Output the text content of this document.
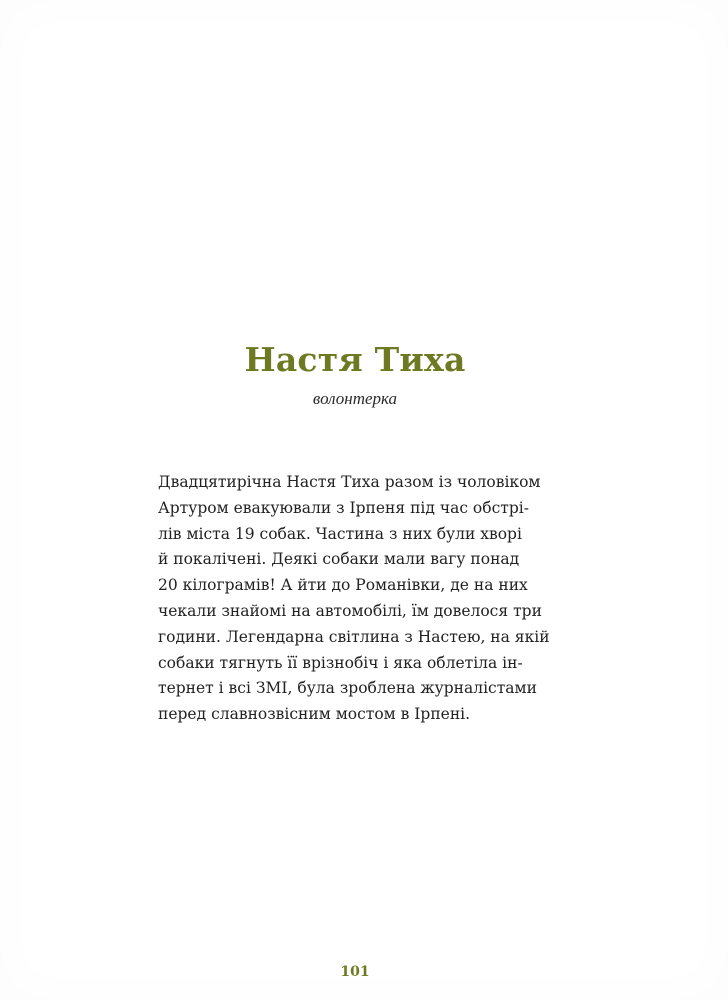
Настя Тиха
волонтерка

Двадцятирічна Настя Тиха разом із чоловіком
Артуром евакуювали з Ірпеня під час обстрі-
лів міста 19 собак. Частина з них були хворі
й покалічені. Деякі собаки мали вагу понад
20 кілограмів! А йти до Романівки, де на них
чекали знайомі на автомобілі, їм довелося три
години. Легендарна світлина з Настею, на якій
собаки тягнуть її врізнобіч і яка облетіла ін-
тернет і всі ЗМІ, була зроблена журналістами
перед славнозвісним мостом в Ірпені.

101
